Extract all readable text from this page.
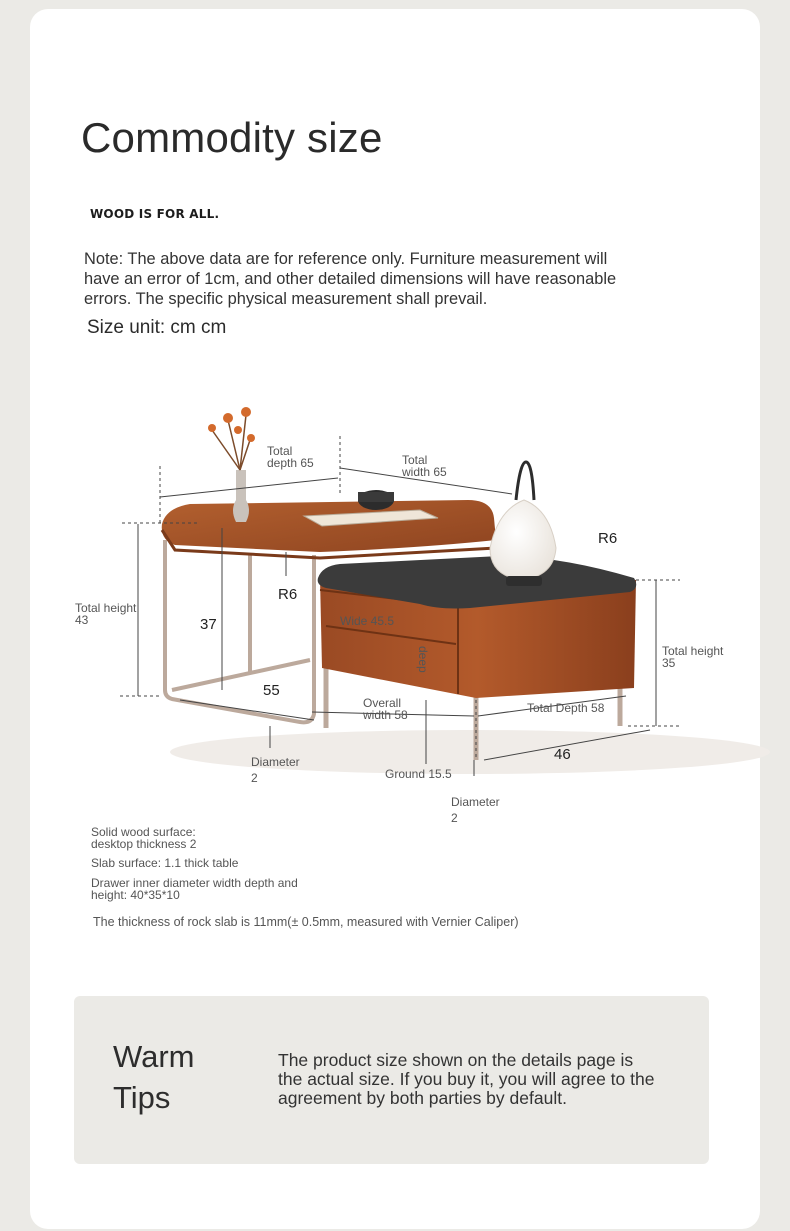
Commodity size
WOOD IS FOR ALL.
Note: The above data are for reference only. Furniture measurement will have an error of 1cm, and other detailed dimensions will have reasonable errors. The specific physical measurement shall prevail.
Size unit: cm cm
Total
depth 65	Total
width 65
R6
R6
Total height
43	37
55
Wide 45.5
deep
Overall
width 58
Total height
35
Total Depth 58
46
Diameter
2	Ground 15.5
Diameter
2
Solid wood surface:
desktop thickness 2
Slab surface: 1.1 thick table
Drawer inner diameter width depth and
height: 40*35*10
The thickness of rock slab is 11mm(± 0.5mm, measured with Vernier Caliper)
Warm
Tips
The product size shown on the details page is the actual size. If you buy it, you will agree to the agreement by both parties by default.
